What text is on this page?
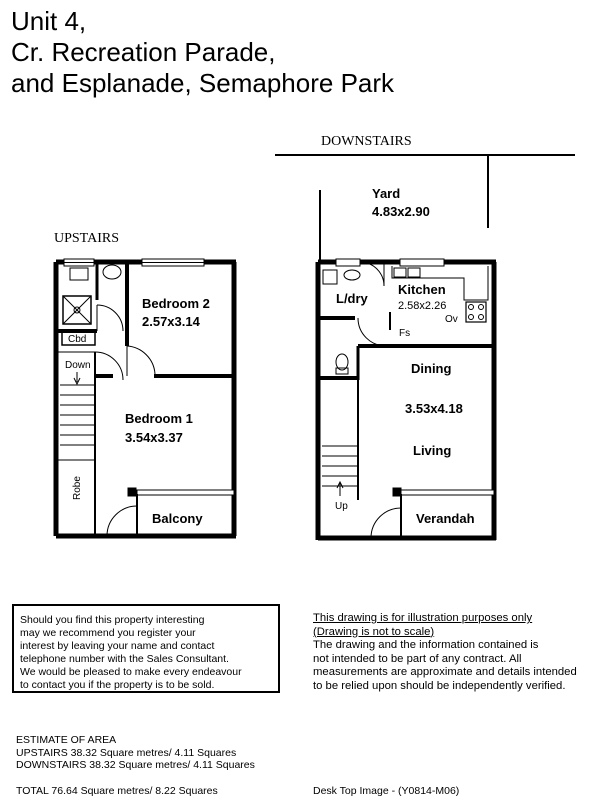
Unit 4,
Cr. Recreation Parade,
and Esplanade, Semaphore Park
UPSTAIRS
DOWNSTAIRS
Bedroom 2
2.57x3.14
Bedroom 1
3.54x3.37
Cbd
Down
Robe
Balcony
Yard
4.83x2.90
L/dry
Kitchen
2.58x2.26
Ov
Fs
Dining
3.53x4.18
Living
Up
Verandah
Should you find this property interesting
may we recommend you register your
interest by leaving your name and contact
telephone number with the Sales Consultant.
We would be pleased to make every endeavour
to contact you if the property is to be sold.
This drawing is for illustration purposes only
(Drawing is not to scale)
The drawing and the information contained is
not intended to be part of any contract. All
measurements are approximate and details intended
to be relied upon should be independently verified.
ESTIMATE OF AREA
UPSTAIRS 38.32 Square metres/ 4.11 Squares
DOWNSTAIRS 38.32 Square metres/ 4.11 Squares
TOTAL 76.64 Square metres/ 8.22 Squares	Desk Top Image - (Y0814-M06)
